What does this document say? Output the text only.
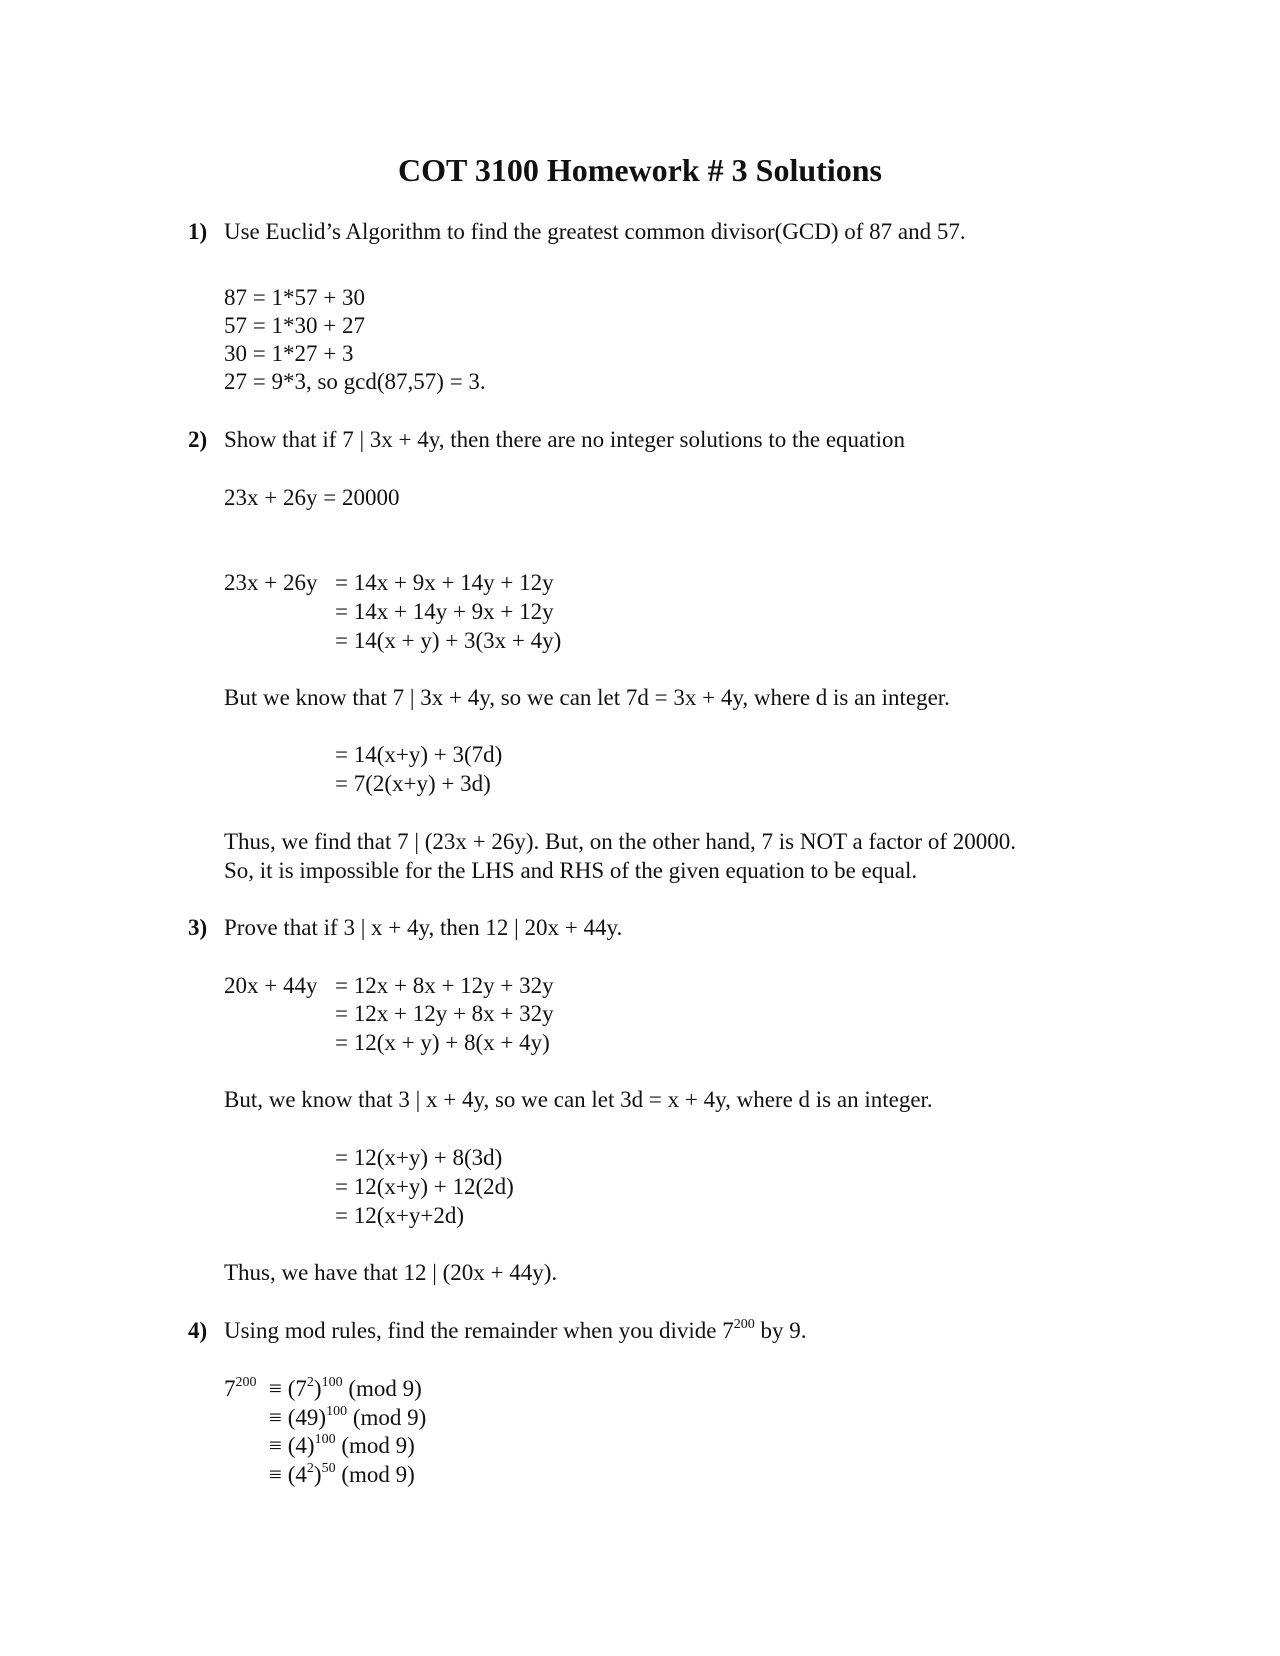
COT 3100 Homework # 3 Solutions
1) Use Euclid’s Algorithm to find the greatest common divisor(GCD) of 87 and 57.
87 = 1*57 + 30
57 = 1*30 + 27
30 = 1*27 + 3
27 = 9*3, so gcd(87,57) = 3.
2) Show that if 7 | 3x + 4y, then there are no integer solutions to the equation
23x + 26y = 20000
23x + 26y = 14x + 9x + 14y + 12y
= 14x + 14y + 9x + 12y
= 14(x + y) + 3(3x + 4y)
But we know that 7 | 3x + 4y, so we can let 7d = 3x + 4y, where d is an integer.
= 14(x+y) + 3(7d)
= 7(2(x+y) + 3d)
Thus, we find that 7 | (23x + 26y). But, on the other hand, 7 is NOT a factor of 20000.
So, it is impossible for the LHS and RHS of the given equation to be equal.
3) Prove that if 3 | x + 4y, then 12 | 20x + 44y.
20x + 44y = 12x + 8x + 12y + 32y
= 12x + 12y + 8x + 32y
= 12(x + y) + 8(x + 4y)
But, we know that 3 | x + 4y, so we can let 3d = x + 4y, where d is an integer.
= 12(x+y) + 8(3d)
= 12(x+y) + 12(2d)
= 12(x+y+2d)
Thus, we have that 12 | (20x + 44y).
4) Using mod rules, find the remainder when you divide $7^{200}$ by 9.
$7^{200} \equiv (7^2)^{100}$ (mod 9)
≡ $(49)^{100}$ (mod 9)
≡ $(4)^{100}$ (mod 9)
≡ $(4^2)^{50}$ (mod 9)
